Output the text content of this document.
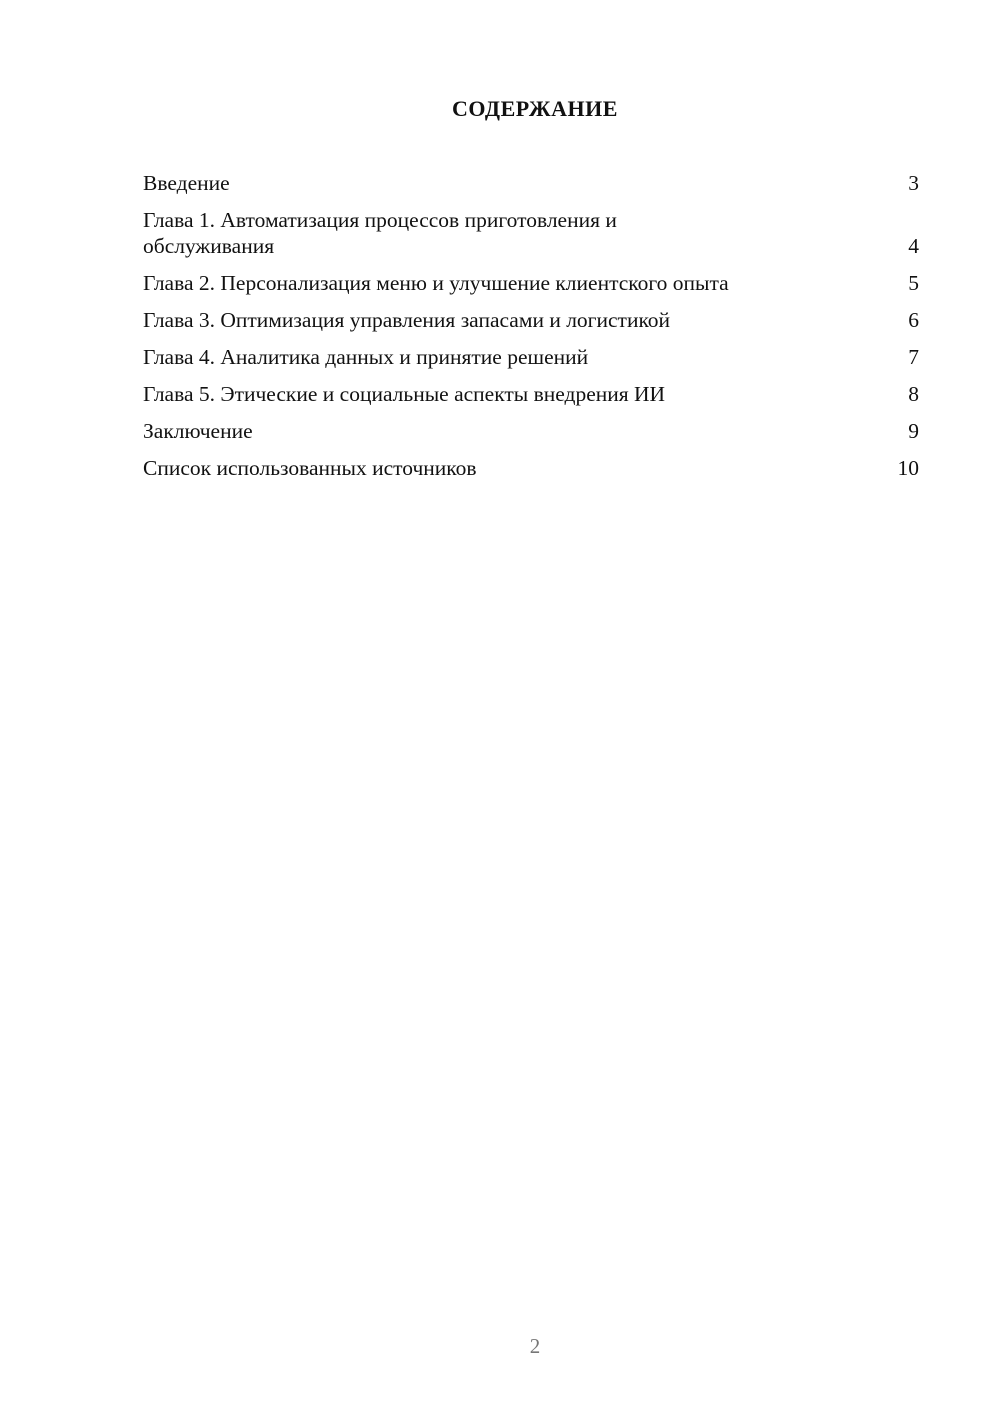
СОДЕРЖАНИЕ
Введение	3
Глава 1. Автоматизация процессов приготовления и
обслуживания	4
Глава 2. Персонализация меню и улучшение клиентского опыта	5
Глава 3. Оптимизация управления запасами и логистикой	6
Глава 4. Аналитика данных и принятие решений	7
Глава 5. Этические и социальные аспекты внедрения ИИ	8
Заключение	9
Список использованных источников	10
2
